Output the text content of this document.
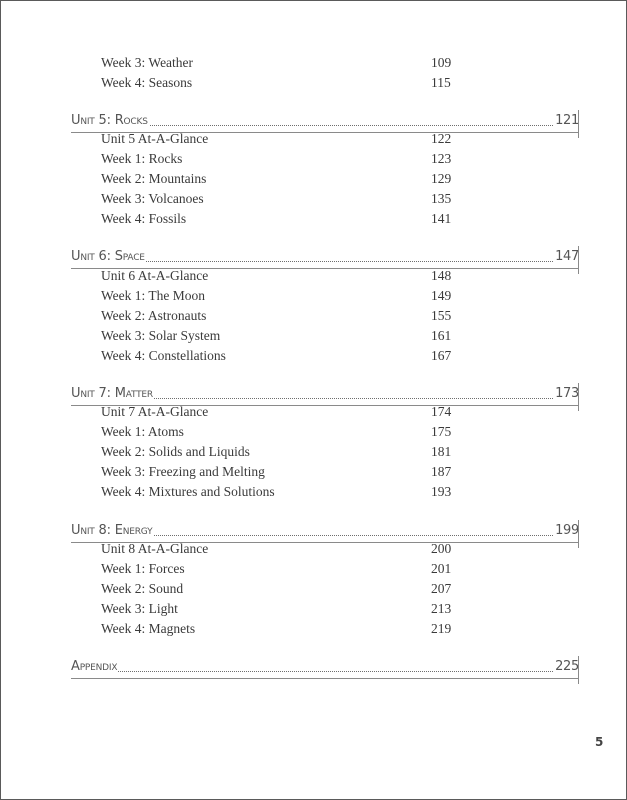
Week 3: Weather	109
Week 4: Seasons	115
Unit 5: Rocks	121
Unit 5 At-A-Glance	122
Week 1: Rocks	123
Week 2: Mountains	129
Week 3: Volcanoes	135
Week 4: Fossils	141
Unit 6: Space	147
Unit 6 At-A-Glance	148
Week 1: The Moon	149
Week 2: Astronauts	155
Week 3: Solar System	161
Week 4: Constellations	167
Unit 7: Matter	173
Unit 7 At-A-Glance	174
Week 1: Atoms	175
Week 2: Solids and Liquids	181
Week 3: Freezing and Melting	187
Week 4: Mixtures and Solutions	193
Unit 8: Energy	199
Unit 8 At-A-Glance	200
Week 1: Forces	201
Week 2: Sound	207
Week 3: Light	213
Week 4: Magnets	219
Appendix	225
5
